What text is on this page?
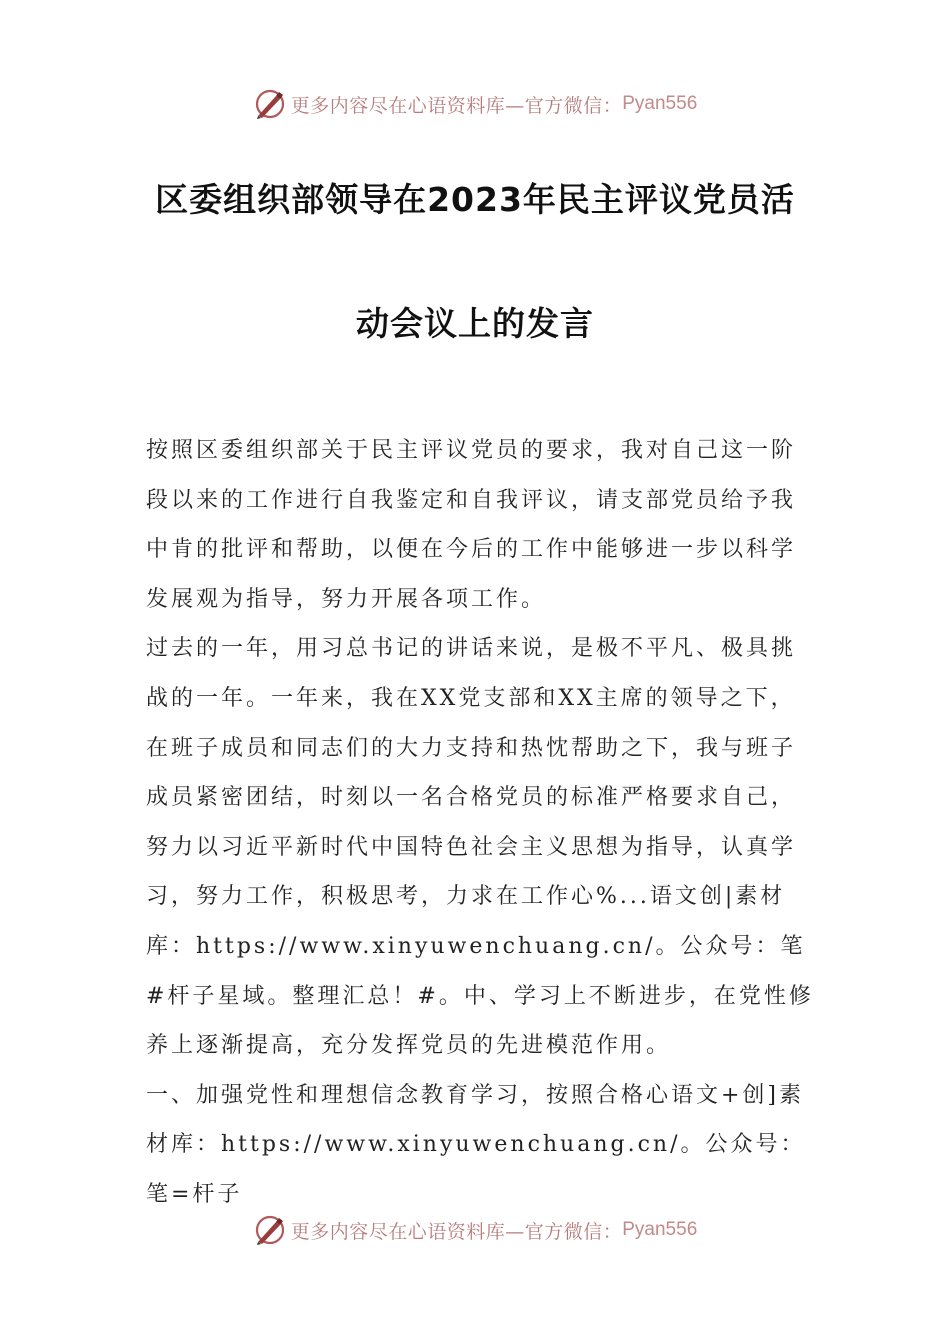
更多内容尽在心语资料库—官方微信： Pyan556
区委组织部领导在2023年民主评议党员活
动会议上的发言

按照区委组织部关于民主评议党员的要求，我对自己这一阶段以来的工作进行自我鉴定和自我评议，请支部党员给予我中肯的批评和帮助，以便在今后的工作中能够进一步以科学发展观为指导，努力开展各项工作。

过去的一年，用习总书记的讲话来说，是极不平凡、极具挑战的一年。一年来，我在XX党支部和XX主席的领导之下，在班子成员和同志们的大力支持和热忱帮助之下，我与班子成员紧密团结，时刻以一名合格党员的标准严格要求自己，努力以习近平新时代中国特色社会主义思想为指导，认真学习，努力工作，积极思考，力求在工作心%...语文创|素材库：https://www.xinyuwenchuang.cn/。公众号：笔#杆子星域。整理汇总！#。中、学习上不断进步，在党性修养上逐渐提高，充分发挥党员的先进模范作用。

一、加强党性和理想信念教育学习，按照合格心语文+创]素材库：https://www.xinyuwenchuang.cn/。公众号：笔=杆子

更多内容尽在心语资料库—官方微信： Pyan556
